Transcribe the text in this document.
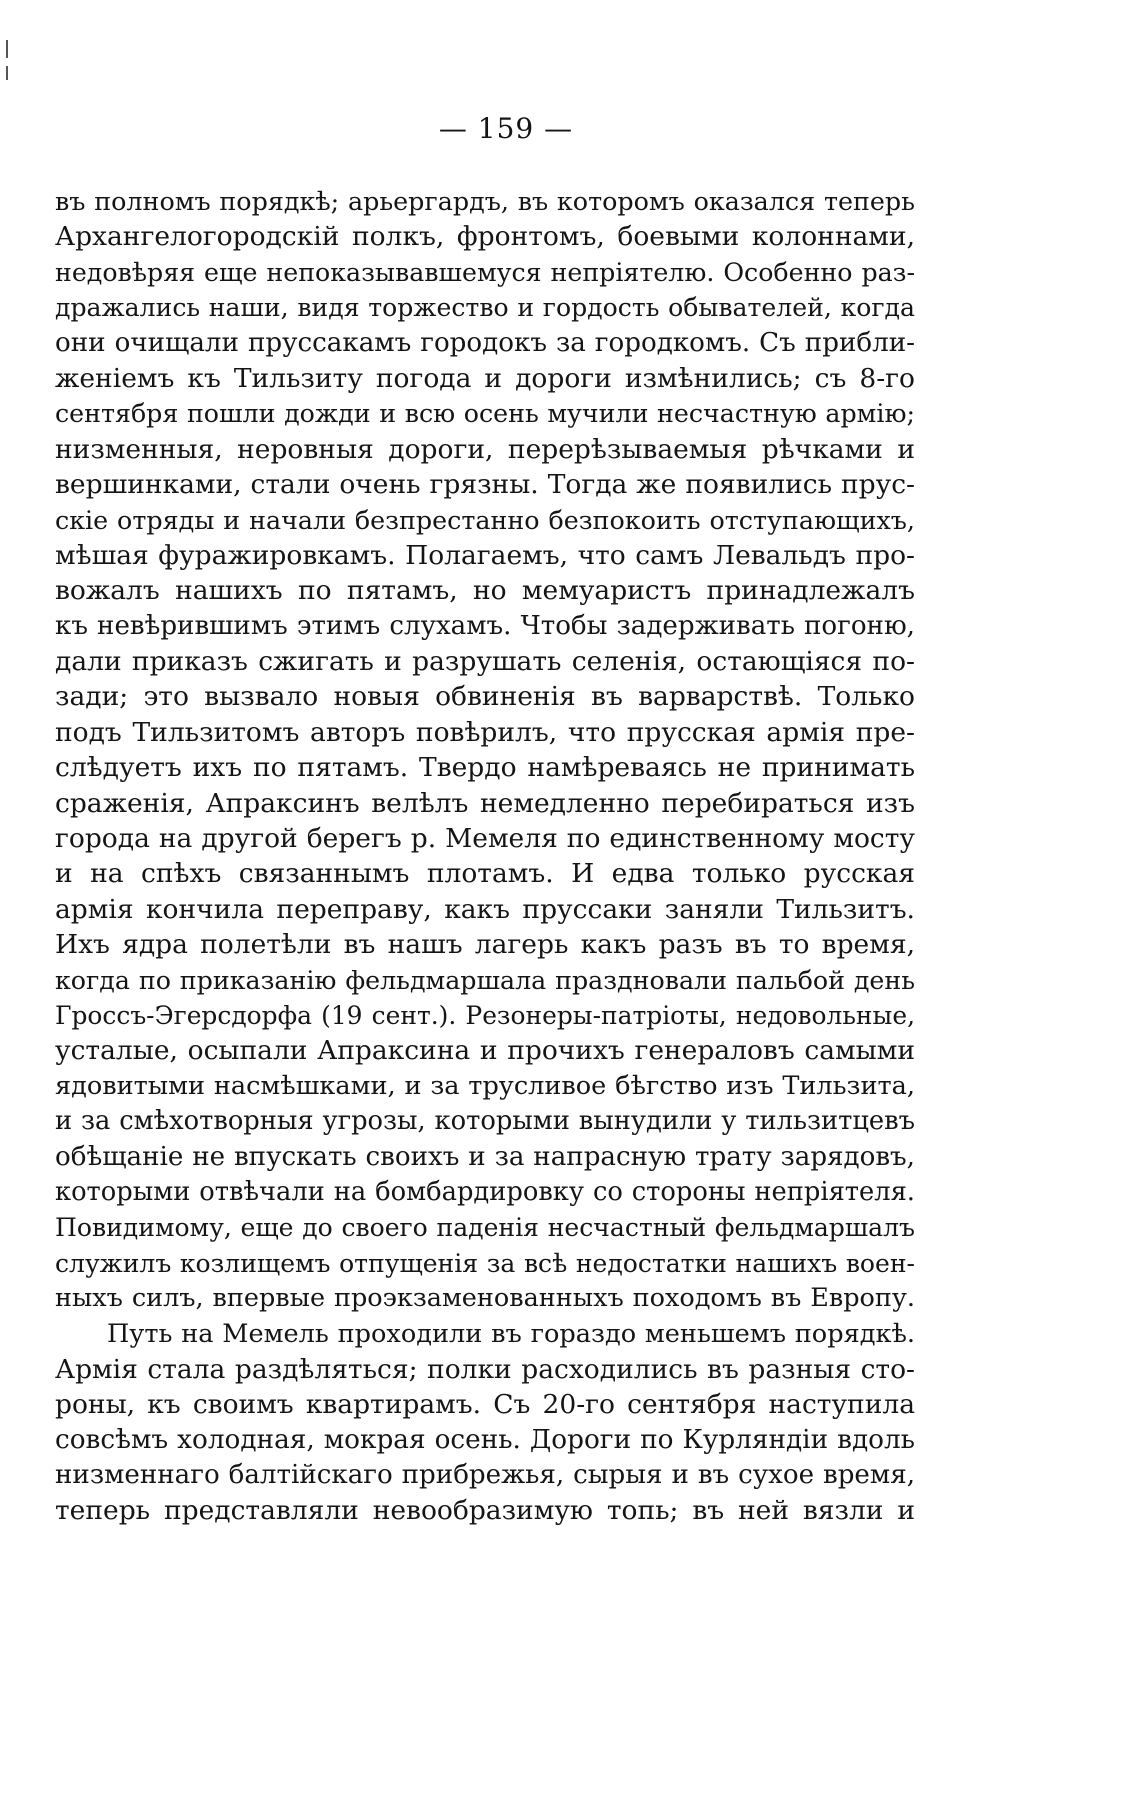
— 159 —
въ полномъ порядкѣ; арьергардъ, въ которомъ оказался теперь
Архангелогородскій полкъ, фронтомъ, боевыми колоннами,
недовѣряя еще непоказывавшемуся непріятелю. Особенно раз-
дражались наши, видя торжество и гордость обывателей, когда
они очищали пруссакамъ городокъ за городкомъ. Съ прибли-
женіемъ къ Тильзиту погода и дороги измѣнились; съ 8-го
сентября пошли дожди и всю осень мучили несчастную армію;
низменныя, неровныя дороги, перерѣзываемыя рѣчками и
вершинками, стали очень грязны. Тогда же появились прус-
скіе отряды и начали безпрестанно безпокоить отступающихъ,
мѣшая фуражировкамъ. Полагаемъ, что самъ Левальдъ про-
вожалъ нашихъ по пятамъ, но мемуаристъ принадлежалъ
къ невѣрившимъ этимъ слухамъ. Чтобы задерживать погоню,
дали приказъ сжигать и разрушать селенія, остающіяся по-
зади; это вызвало новыя обвиненія въ варварствѣ. Только
подъ Тильзитомъ авторъ повѣрилъ, что прусская армія пре-
слѣдуетъ ихъ по пятамъ. Твердо намѣреваясь не принимать
сраженія, Апраксинъ велѣлъ немедленно перебираться изъ
города на другой берегъ р. Мемеля по единственному мосту
и на спѣхъ связаннымъ плотамъ. И едва только русская
армія кончила переправу, какъ пруссаки заняли Тильзитъ.
Ихъ ядра полетѣли въ нашъ лагерь какъ разъ въ то время,
когда по приказанію фельдмаршала праздновали пальбой день
Гроссъ-Эгерсдорфа (19 сент.). Резонеры-патріоты, недовольные,
усталые, осыпали Апраксина и прочихъ генераловъ самыми
ядовитыми насмѣшками, и за трусливое бѣгство изъ Тильзита,
и за смѣхотворныя угрозы, которыми вынудили у тильзитцевъ
обѣщаніе не впускать своихъ и за напрасную трату зарядовъ,
которыми отвѣчали на бомбардировку со стороны непріятеля.
Повидимому, еще до своего паденія несчастный фельдмаршалъ
служилъ козлищемъ отпущенія за всѣ недостатки нашихъ воен-
ныхъ силъ, впервые проэкзаменованныхъ походомъ въ Европу.
Путь на Мемель проходили въ гораздо меньшемъ порядкѣ.
Армія стала раздѣляться; полки расходились въ разныя сто-
роны, къ своимъ квартирамъ. Съ 20-го сентября наступила
совсѣмъ холодная, мокрая осень. Дороги по Курляндіи вдоль
низменнаго балтійскаго прибрежья, сырыя и въ сухое время,
теперь представляли невообразимую топь; въ ней вязли и
